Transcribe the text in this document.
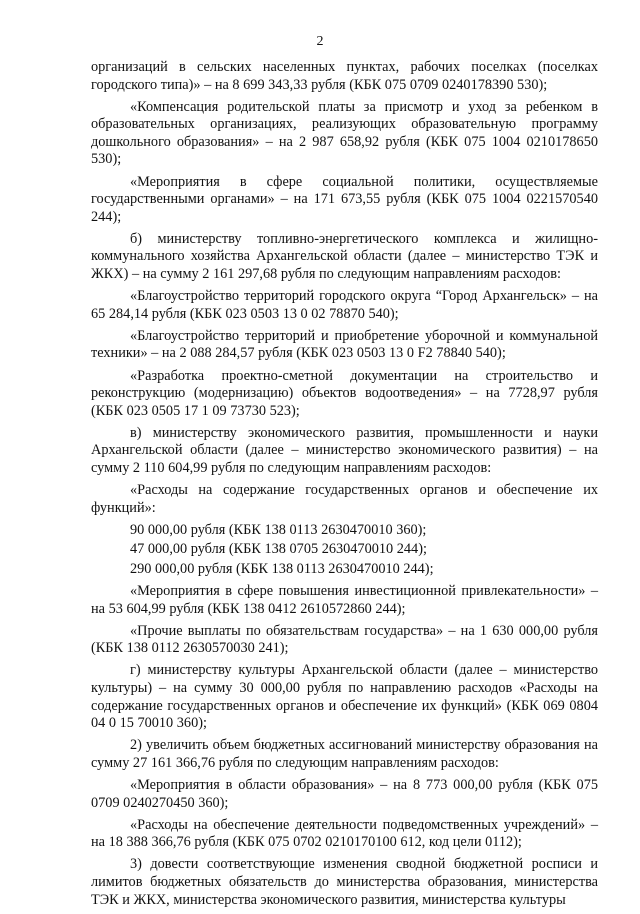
2

организаций в сельских населенных пунктах, рабочих поселках (поселках городского типа)» – на 8 699 343,33 рубля (КБК 075 0709 0240178390 530);

«Компенсация родительской платы за присмотр и уход за ребенком в образовательных организациях, реализующих образовательную программу дошкольного образования» – на 2 987 658,92 рубля (КБК 075 1004 0210178650 530);

«Мероприятия в сфере социальной политики, осуществляемые государственными органами» – на 171 673,55 рубля (КБК 075 1004 0221570540 244);

б) министерству топливно-энергетического комплекса и жилищно-коммунального хозяйства Архангельской области (далее – министерство ТЭК и ЖКХ) – на сумму 2 161 297,68 рубля по следующим направлениям расходов:

«Благоустройство территорий городского округа “Город Архангельск» – на 65 284,14 рубля (КБК 023 0503 13 0 02 78870 540);

«Благоустройство территорий и приобретение уборочной и коммунальной техники» – на 2 088 284,57 рубля (КБК 023 0503 13 0 F2 78840 540);

«Разработка проектно-сметной документации на строительство и реконструкцию (модернизацию) объектов водоотведения» – на 7728,97 рубля (КБК 023 0505 17 1 09 73730 523);

в) министерству экономического развития, промышленности и науки Архангельской области (далее – министерство экономического развития) – на сумму 2 110 604,99 рубля по следующим направлениям расходов:

«Расходы на содержание государственных органов и обеспечение их функций»:

90 000,00 рубля (КБК 138 0113 2630470010 360);

47 000,00 рубля (КБК 138 0705 2630470010 244);

290 000,00 рубля (КБК 138 0113 2630470010 244);

«Мероприятия в сфере повышения инвестиционной привлекательности» – на 53 604,99 рубля (КБК 138 0412 2610572860 244);

«Прочие выплаты по обязательствам государства» – на 1 630 000,00 рубля (КБК 138 0112 2630570030 241);

г) министерству культуры Архангельской области (далее – министерство культуры) – на сумму 30 000,00 рубля по направлению расходов «Расходы на содержание государственных органов и обеспечение их функций» (КБК 069 0804 04 0 15 70010 360);

2) увеличить объем бюджетных ассигнований министерству образования на сумму 27 161 366,76 рубля по следующим направлениям расходов:

«Мероприятия в области образования» – на 8 773 000,00 рубля (КБК 075 0709 0240270450 360);

«Расходы на обеспечение деятельности подведомственных учреждений» – на 18 388 366,76 рубля (КБК 075 0702 0210170100 612, код цели 0112);

3) довести соответствующие изменения сводной бюджетной росписи и лимитов бюджетных обязательств до министерства образования, министерства ТЭК и ЖКХ, министерства экономического развития, министерства культуры
